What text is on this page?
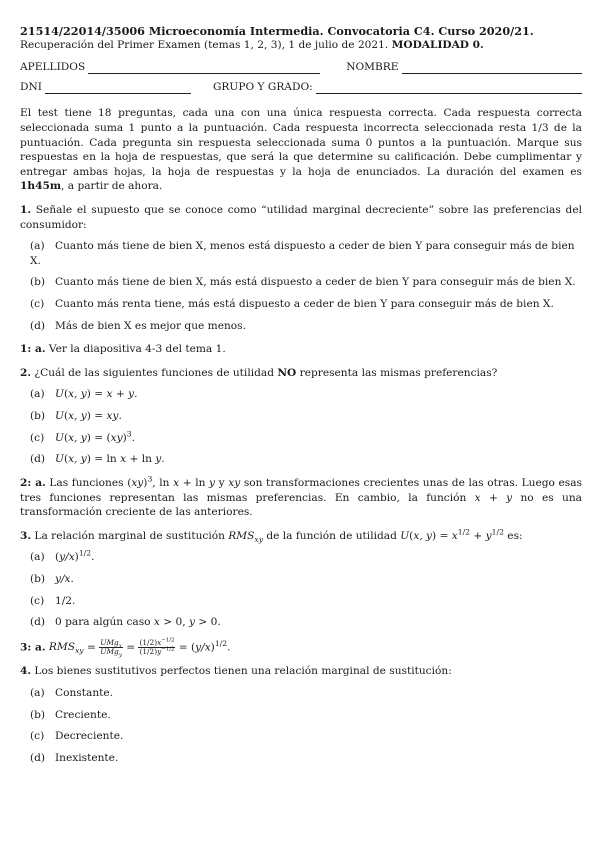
21514/22014/35006 Microeconomía Intermedia. Convocatoria C4. Curso 2020/21.
Recuperación del Primer Examen (temas 1, 2, 3), 1 de julio de 2021. MODALIDAD 0.
APELLIDOS	NOMBRE
DNI	GRUPO Y GRADO:
El test tiene 18 preguntas, cada una con una única respuesta correcta. Cada respuesta correcta seleccionada suma 1 punto a la puntuación. Cada respuesta incorrecta seleccionada resta 1/3 de la puntuación. Cada pregunta sin respuesta seleccionada suma 0 puntos a la puntuación. Marque sus respuestas en la hoja de respuestas, que será la que determine su calificación. Debe cumplimentar y entregar ambas hojas, la hoja de respuestas y la hoja de enunciados. La duración del examen es 1h45m, a partir de ahora.
1. Señale el supuesto que se conoce como “utilidad marginal decreciente” sobre las preferencias del consumidor:
(a) Cuanto más tiene de bien X, menos está dispuesto a ceder de bien Y para conseguir más de bien X.
(b) Cuanto más tiene de bien X, más está dispuesto a ceder de bien Y para conseguir más de bien X.
(c) Cuanto más renta tiene, más está dispuesto a ceder de bien Y para conseguir más de bien X.
(d) Más de bien X es mejor que menos.
1: a. Ver la diapositiva 4-3 del tema 1.
2. ¿Cuál de las siguientes funciones de utilidad NO representa las mismas preferencias?
(a) U(x, y) = x + y.
(b) U(x, y) = xy.
(c) U(x, y) = (xy)$^3$.
(d) U(x, y) = ln x + ln y.
2: a. Las funciones (xy)$^3$, ln x + ln y y xy son transformaciones crecientes unas de las otras. Luego esas tres funciones representan las mismas preferencias. En cambio, la función x + y no es una transformación creciente de las anteriores.
3. La relación marginal de sustitución $RMS_{xy}$ de la función de utilidad U(x, $y) = x^{1/2} + y^{1/2}$ es:
(a) $(y/x)^{1/2}$.
(b) y/x.
(c) 1/2.
(d) 0 para algún caso x > 0, y > 0.
3: a. $RMS_{xy} = \frac{UMg_x}{UMg_y} = \frac{(1/2)x^{-1/2}}{(1/2)y^{-1/2}} = (y/x)^{1/2}$.
4. Los bienes sustitutivos perfectos tienen una relación marginal de sustitución:
(a) Constante.
(b) Creciente.
(c) Decreciente.
(d) Inexistente.
